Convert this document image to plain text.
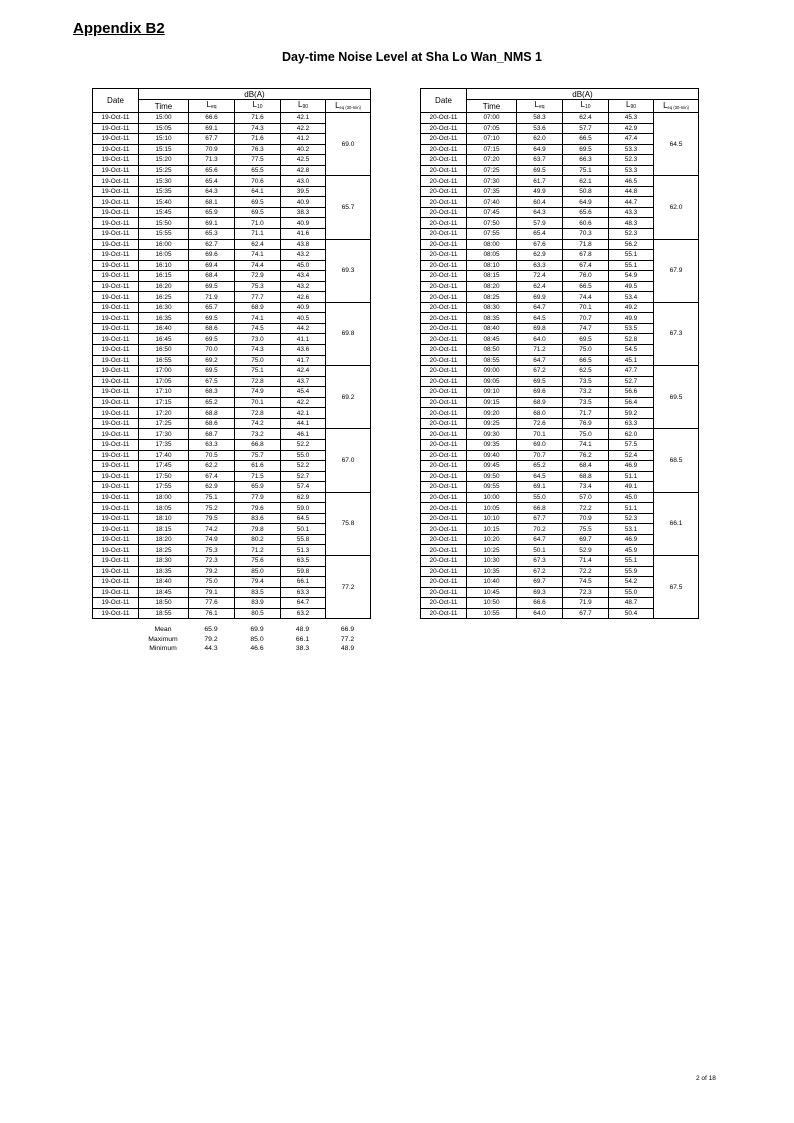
Appendix B2
Day-time Noise Level at Sha Lo Wan_NMS 1
Date	dB(A)				
	Time	$L_{eq}$	$L_{10}$	$L_{90}$	Leq (30-min)
19-Oct-11	15:00	66.6	71.6	42.1	69.0
19-Oct-11	15:05	69.1	74.3	42.2	
19-Oct-11	15:10	67.7	71.6	41.2	
19-Oct-11	15:15	70.9	76.3	40.2	
19-Oct-11	15:20	71.3	77.5	42.5	
19-Oct-11	15:25	65.6	65.5	42.8	
19-Oct-11	15:30	65.4	70.6	43.0	65.7
19-Oct-11	15:35	64.3	64.1	39.5	
19-Oct-11	15:40	68.1	69.5	40.9	
19-Oct-11	15:45	65.9	69.5	38.3	
19-Oct-11	15:50	69.1	71.0	40.9	
19-Oct-11	15:55	65.3	71.1	41.6	
19-Oct-11	16:00	62.7	62.4	43.8	69.3
19-Oct-11	16:05	69.6	74.1	43.2	
19-Oct-11	16:10	69.4	74.4	45.0	
19-Oct-11	16:15	68.4	72.9	43.4	
19-Oct-11	16:20	69.5	75.3	43.2	
19-Oct-11	16:25	71.9	77.7	42.6	
19-Oct-11	16:30	65.7	68.9	40.9	69.8
19-Oct-11	16:35	69.5	74.1	40.5	
19-Oct-11	16:40	68.6	74.5	44.2	
19-Oct-11	16:45	69.5	73.0	41.1	
19-Oct-11	16:50	70.0	74.3	43.6	
19-Oct-11	16:55	69.2	75.0	41.7	
19-Oct-11	17:00	69.5	75.1	42.4	69.2
19-Oct-11	17:05	67.5	72.8	43.7	
19-Oct-11	17:10	68.3	74.9	45.4	
19-Oct-11	17:15	65.2	70.1	42.2	
19-Oct-11	17:20	68.8	72.8	42.1	
19-Oct-11	17:25	68.6	74.2	44.1	
19-Oct-11	17:30	68.7	73.2	46.1	67.0
19-Oct-11	17:35	63.3	66.8	52.2	
19-Oct-11	17:40	70.5	75.7	55.0	
19-Oct-11	17:45	62.2	61.6	52.2	
19-Oct-11	17:50	67.4	71.5	52.7	
19-Oct-11	17:55	62.9	65.9	57.4	
19-Oct-11	18:00	75.1	77.9	62.9	75.8
19-Oct-11	18:05	75.2	79.6	59.0	
19-Oct-11	18:10	79.5	83.6	64.5	
19-Oct-11	18:15	74.2	79.8	50.1	
19-Oct-11	18:20	74.9	80.2	55.8	
19-Oct-11	18:25	75.3	71.2	51.3	
19-Oct-11	18:30	72.3	75.6	63.5	77.2
19-Oct-11	18:35	79.2	85.0	59.8	
19-Oct-11	18:40	75.0	79.4	66.1	
19-Oct-11	18:45	79.1	83.5	63.3	
19-Oct-11	18:50	77.6	83.9	64.7	
19-Oct-11	18:55	76.1	80.5	63.2	
Date	dB(A)				
	Time	$L_{eq}$	$L_{10}$	$L_{90}$	Leq (30-min)
20-Oct-11	07:00	58.3	62.4	45.3	64.5
20-Oct-11	07:05	53.6	57.7	42.9	
20-Oct-11	07:10	62.0	66.5	47.4	
20-Oct-11	07:15	64.9	69.5	53.3	
20-Oct-11	07:20	63.7	66.3	52.3	
20-Oct-11	07:25	69.5	75.1	53.3	
20-Oct-11	07:30	61.7	62.1	46.5	62.0
20-Oct-11	07:35	49.9	50.8	44.8	
20-Oct-11	07:40	60.4	64.9	44.7	
20-Oct-11	07:45	64.3	65.6	43.3	
20-Oct-11	07:50	57.9	60.6	48.3	
20-Oct-11	07:55	65.4	70.3	52.3	
20-Oct-11	08:00	67.6	71.8	56.2	67.9
20-Oct-11	08:05	62.9	67.8	55.1	
20-Oct-11	08:10	63.3	67.4	55.1	
20-Oct-11	08:15	72.4	76.0	54.9	
20-Oct-11	08:20	62.4	66.5	49.5	
20-Oct-11	08:25	69.9	74.4	53.4	
20-Oct-11	08:30	64.7	70.1	49.2	67.3
20-Oct-11	08:35	64.5	70.7	49.9	
20-Oct-11	08:40	69.8	74.7	53.5	
20-Oct-11	08:45	64.0	69.5	52.8	
20-Oct-11	08:50	71.2	75.0	54.5	
20-Oct-11	08:55	64.7	66.5	45.1	
20-Oct-11	09:00	67.2	62.5	47.7	69.5
20-Oct-11	09:05	69.5	73.5	52.7	
20-Oct-11	09:10	69.6	73.2	56.6	
20-Oct-11	09:15	68.9	73.5	56.4	
20-Oct-11	09:20	68.0	71.7	59.2	
20-Oct-11	09:25	72.6	76.9	63.3	
20-Oct-11	09:30	70.1	75.0	62.0	68.5
20-Oct-11	09:35	69.0	74.1	57.5	
20-Oct-11	09:40	70.7	76.2	52.4	
20-Oct-11	09:45	65.2	68.4	46.9	
20-Oct-11	09:50	64.5	68.8	51.1	
20-Oct-11	09:55	69.1	73.4	49.1	
20-Oct-11	10:00	55.0	57.0	45.0	66.1
20-Oct-11	10:05	66.8	72.2	51.1	
20-Oct-11	10:10	67.7	70.9	52.3	
20-Oct-11	10:15	70.2	75.5	53.1	
20-Oct-11	10:20	64.7	69.7	46.9	
20-Oct-11	10:25	50.1	52.9	45.9	
20-Oct-11	10:30	67.3	71.4	55.1	67.5
20-Oct-11	10:35	67.2	72.2	55.9	
20-Oct-11	10:40	69.7	74.5	54.2	
20-Oct-11	10:45	69.3	72.3	55.0	
20-Oct-11	10:50	66.6	71.9	48.7	
20-Oct-11	10:55	64.0	67.7	50.4	
	Mean	65.9	69.9	48.9	66.9
	Maximum	79.2	85.0	66.1	77.2
	Minimum	44.3	46.6	38.3	48.9
2 of 18
